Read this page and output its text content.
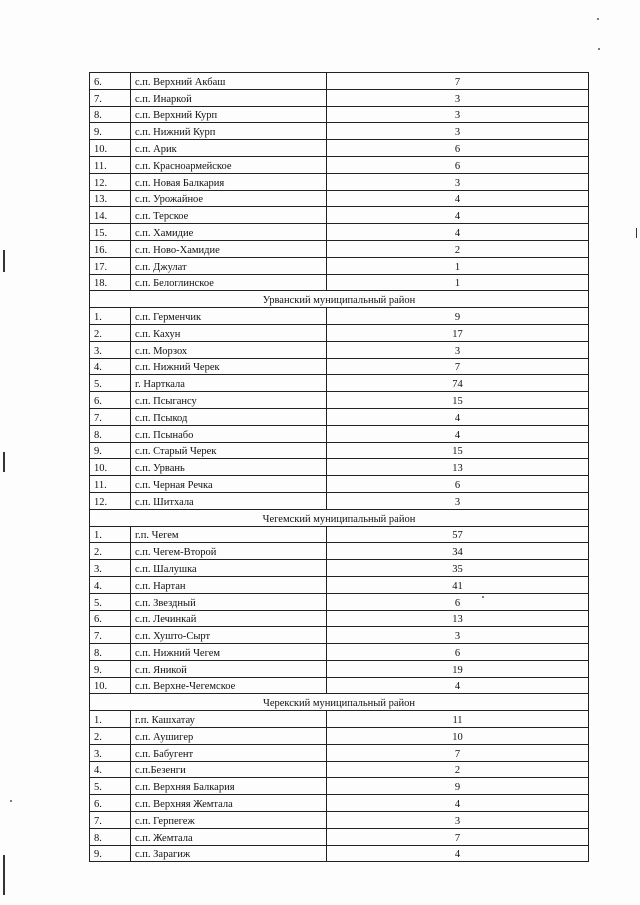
6.	с.п. Верхний Акбаш	7
7.	с.п. Инаркой	3
8.	с.п. Верхний Курп	3
9.	с.п. Нижний Курп	3
10.	с.п. Арик	6
11.	с.п. Красноармейское	6
12.	с.п. Новая Балкария	3
13.	с.п. Урожайное	4
14.	с.п. Терское	4
15.	с.п. Хамидие	4
16.	с.п. Ново-Хамидие	2
17.	с.п. Джулат	1
18.	с.п. Белоглинское	1
Урванский муниципальный район		
1.	с.п. Герменчик	9
2.	с.п. Кахун	17
3.	с.п. Морзох	3
4.	с.п. Нижний Черек	7
5.	г. Нарткала	74
6.	с.п. Псыгансу	15
7.	с.п. Псыкод	4
8.	с.п. Псынабо	4
9.	с.п. Старый Черек	15
10.	с.п. Урвань	13
11.	с.п. Черная Речка	6
12.	с.п. Шитхала	3
Чегемский муниципальный район		
1.	г.п. Чегем	57
2.	с.п. Чегем-Второй	34
3.	с.п. Шалушка	35
4.	с.п. Нартан	41
5.	с.п. Звездный	6
6.	с.п. Лечинкай	13
7.	с.п. Хушто-Сырт	3
8.	с.п. Нижний Чегем	6
9.	с.п. Яникой	19
10.	с.п. Верхне-Чегемское	4
Черекский муниципальный район		
1.	г.п. Кашхатау	11
2.	с.п. Аушигер	10
3.	с.п. Бабугент	7
4.	с.п.Безенги	2
5.	с.п. Верхняя Балкария	9
6.	с.п. Верхняя Жемтала	4
7.	с.п. Герпегеж	3
8.	с.п. Жемтала	7
9.	с.п. Зарагиж	4
